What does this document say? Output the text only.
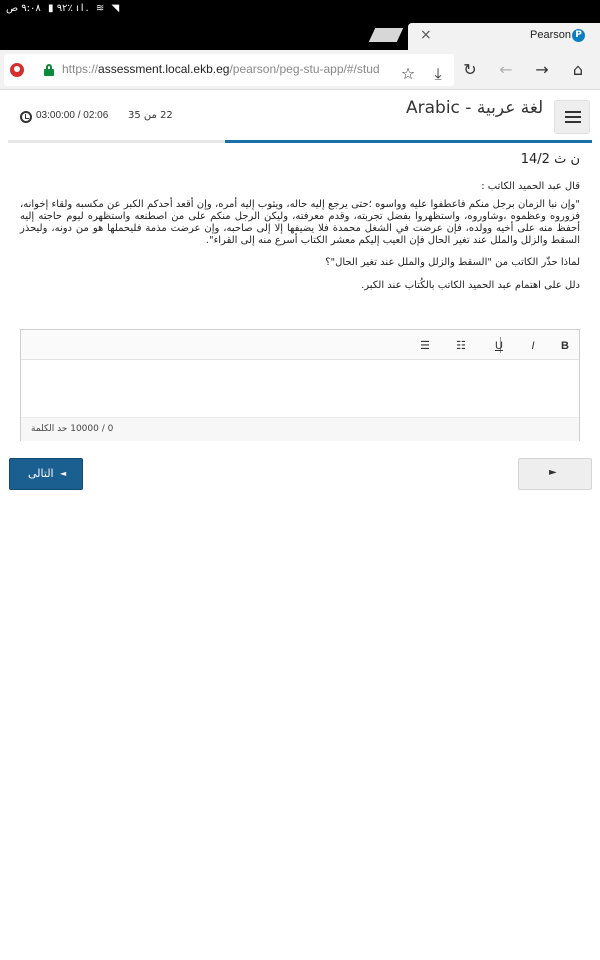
٩:٠٨ ص ▮ ٩٢٪ ıl. ≋ ◥
×	Pearson P
https://assessment.local.ekb.eg/pearson/peg-stu-app/#/stud ☆	⤓	↻ ← →	⌂
03:00:00 / 02:06 22 من 35	Arabic - لغة عربية
ن ث 14/2
قال عبد الحميد الكاتب :
"وإن نبا الزمان برجل منكم فاعطفوا عليه وواسوه ؛حتى يرجع إليه حاله، ويثوب إليه أمره، وإن أقعد أحدكم الكبر عن مكسبه ولقاء إخوانه، فزوروه وعظموه ،وشاوروه، واستظهروا بفضل تجربته، وقدم معرفته، وليكن الرجل منكم على من اصطنعه واستظهره ليوم حاجته إليه أحفظ منه على أخيه وولده، فإن عرضت في الشغل محمدة فلا يضيفها إلا إلى صاحبه، وإن عرضت مذمة فليحملها هو من دونه، وليحذر السقط والزلل والملل عند تغير الحال فإن العيب إليكم معشر الكتاب أسرع منه إلى القراء".
لماذا حذّر الكاتب من "السقط والزلل والملل عند تغير الحال"؟
دلل على اهتمام عبد الحميد الكاتب بالكُتاب عند الكبر.
☰ ☷	U	I	B
0 / 10000 حد الكلمة
التالى ◄	►
